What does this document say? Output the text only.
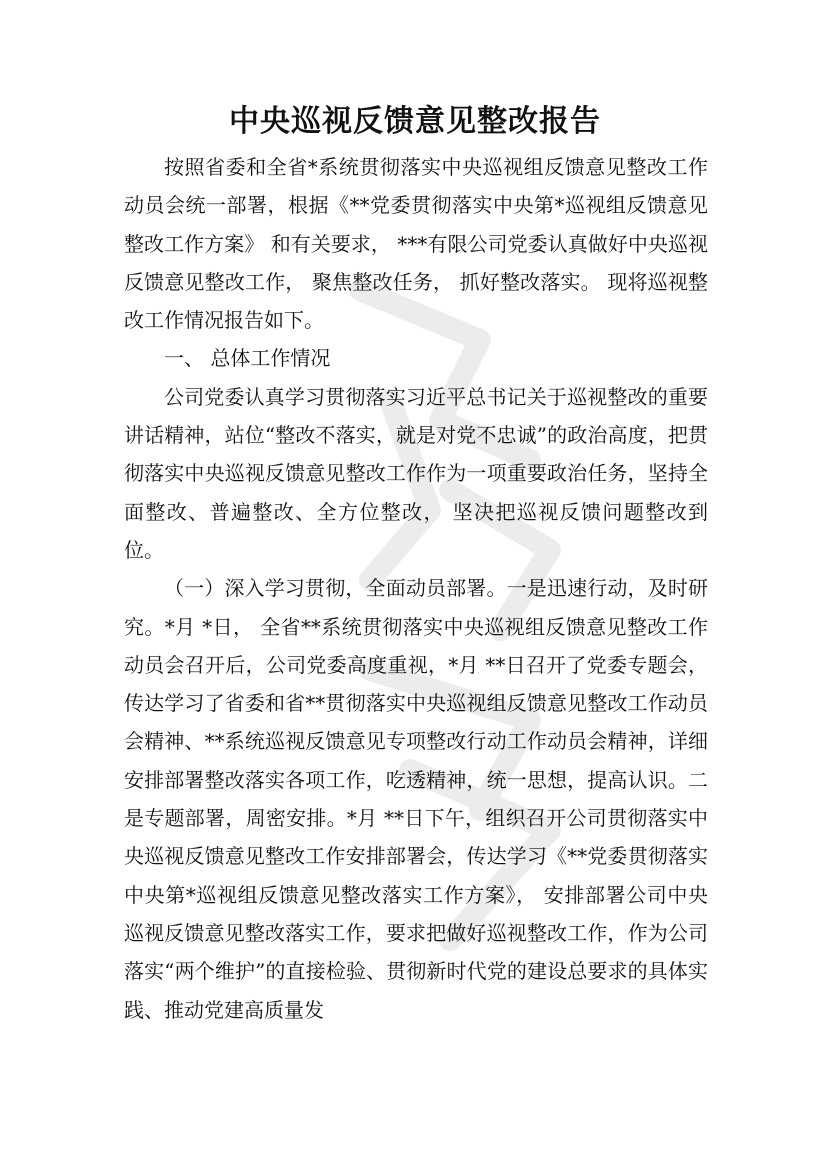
中央巡视反馈意见整改报告

按照省委和全省*系统贯彻落实中央巡视组反馈意见整改工作动员会统一部署，根据《**党委贯彻落实中央第*巡视组反馈意见整改工作方案》 和有关要求， ***有限公司党委认真做好中央巡视反馈意见整改工作， 聚焦整改任务， 抓好整改落实。 现将巡视整改工作情况报告如下。

一、 总体工作情况

公司党委认真学习贯彻落实习近平总书记关于巡视整改的重要讲话精神，站位“整改不落实，就是对党不忠诚”的政治高度，把贯彻落实中央巡视反馈意见整改工作作为一项重要政治任务，坚持全面整改、普遍整改、全方位整改， 坚决把巡视反馈问题整改到位。

（一）深入学习贯彻，全面动员部署。一是迅速行动，及时研究。*月 *日， 全省**系统贯彻落实中央巡视组反馈意见整改工作动员会召开后，公司党委高度重视，*月 **日召开了党委专题会，传达学习了省委和省**贯彻落实中央巡视组反馈意见整改工作动员会精神、**系统巡视反馈意见专项整改行动工作动员会精神，详细安排部署整改落实各项工作，吃透精神，统一思想，提高认识。二是专题部署，周密安排。*月 **日下午，组织召开公司贯彻落实中央巡视反馈意见整改工作安排部署会，传达学习《**党委贯彻落实中央第*巡视组反馈意见整改落实工作方案》， 安排部署公司中央巡视反馈意见整改落实工作，要求把做好巡视整改工作，作为公司落实“两个维护”的直接检验、贯彻新时代党的建设总要求的具体实践、推动党建高质量发
